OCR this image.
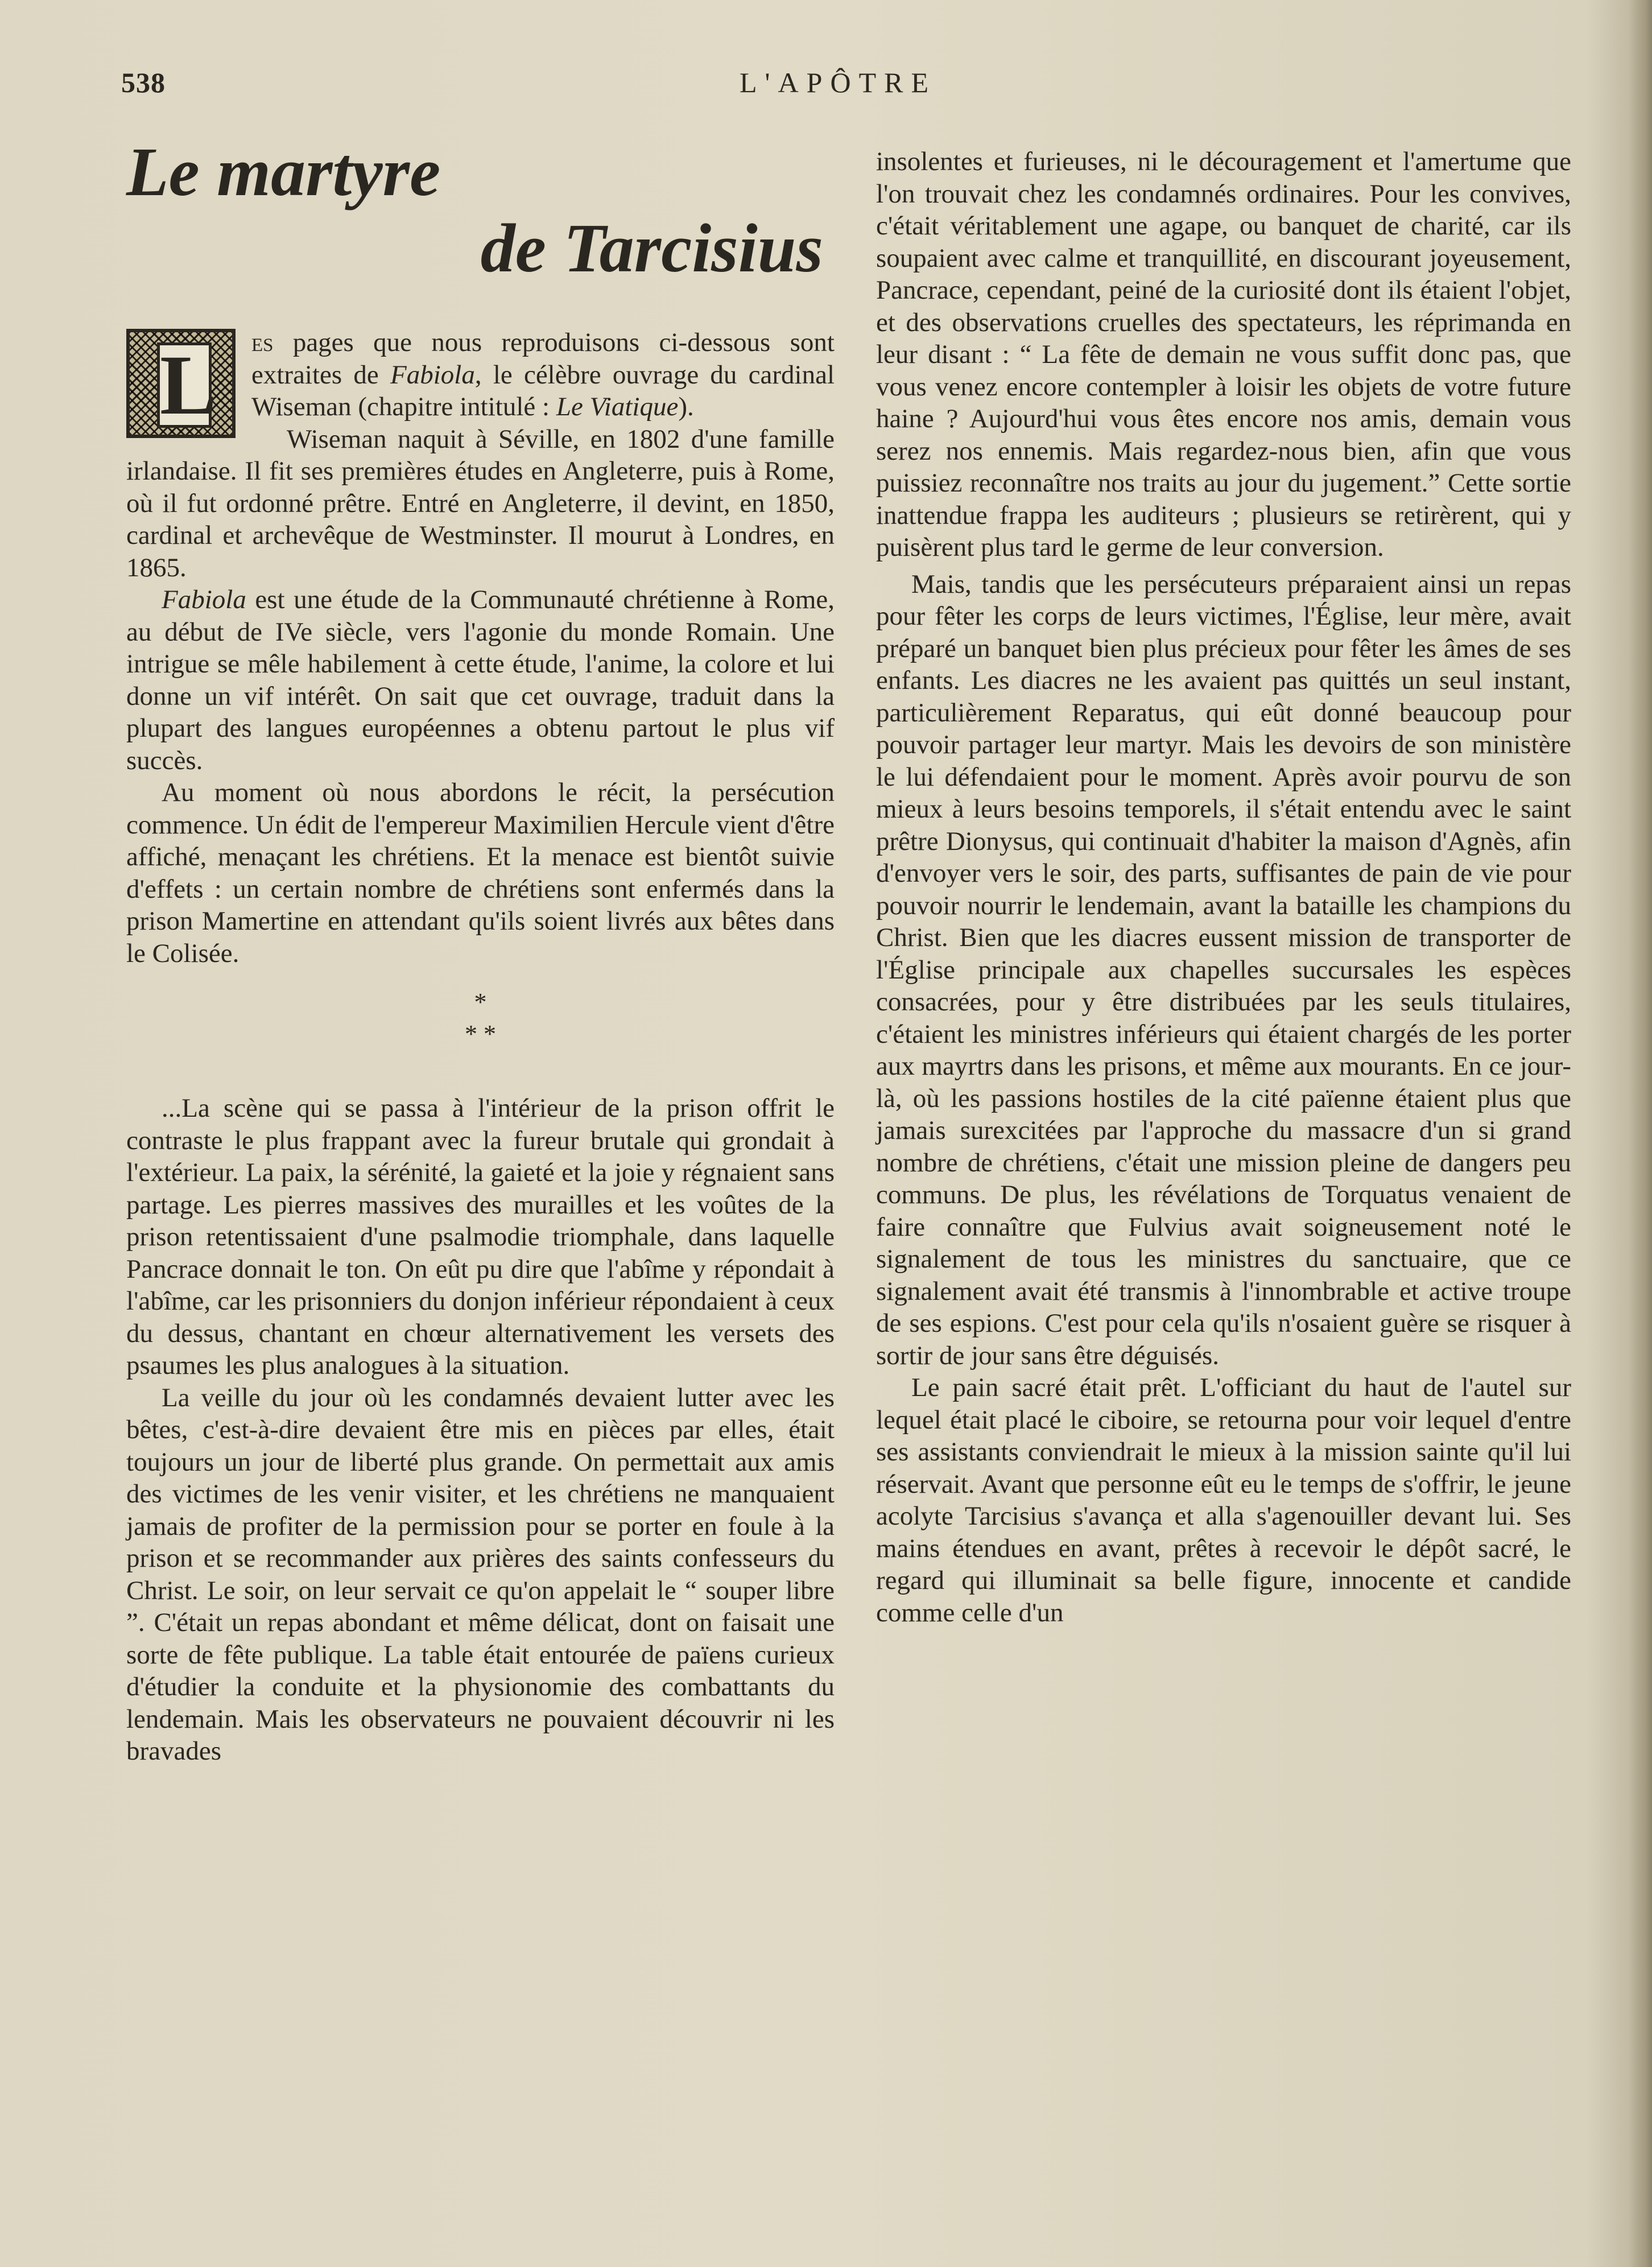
538	L'APÔTRE
Le martyre
de Tarcisius

L es pages que nous reproduisons ci-dessous sont extraites de Fabiola, le célèbre ouvrage du cardinal Wiseman (chapitre intitulé : Le Viatique).

Wiseman naquit à Séville, en 1802 d'une famille irlandaise. Il fit ses premières études en Angleterre, puis à Rome, où il fut ordonné prêtre. Entré en Angleterre, il devint, en 1850, cardinal et archevêque de Westminster. Il mourut à Londres, en 1865.

Fabiola est une étude de la Communauté chrétienne à Rome, au début de IVe siècle, vers l'agonie du monde Romain. Une intrigue se mêle habilement à cette étude, l'anime, la colore et lui donne un vif intérêt. On sait que cet ouvrage, traduit dans la plupart des langues européennes a obtenu partout le plus vif succès.

Au moment où nous abordons le récit, la persécution commence. Un édit de l'empereur Maximilien Hercule vient d'être affiché, menaçant les chrétiens. Et la menace est bientôt suivie d'effets : un certain nombre de chrétiens sont enfermés dans la prison Mamertine en attendant qu'ils soient livrés aux bêtes dans le Colisée.

*
* *

...La scène qui se passa à l'intérieur de la prison offrit le contraste le plus frappant avec la fureur brutale qui grondait à l'extérieur. La paix, la sérénité, la gaieté et la joie y régnaient sans partage. Les pierres massives des murailles et les voûtes de la prison retentissaient d'une psalmodie triomphale, dans laquelle Pancrace donnait le ton. On eût pu dire que l'abîme y répondait à l'abîme, car les prisonniers du donjon inférieur répondaient à ceux du dessus, chantant en chœur alternativement les versets des psaumes les plus analogues à la situation.

La veille du jour où les condamnés devaient lutter avec les bêtes, c'est-à-dire devaient être mis en pièces par elles, était toujours un jour de liberté plus grande. On permettait aux amis des victimes de les venir visiter, et les chrétiens ne manquaient jamais de profiter de la permission pour se porter en foule à la prison et se recommander aux prières des saints confesseurs du Christ. Le soir, on leur servait ce qu'on appelait le “ souper libre ”. C'était un repas abondant et même délicat, dont on faisait une sorte de fête publique. La table était entourée de païens curieux d'étudier la conduite et la physionomie des combattants du lendemain. Mais les observateurs ne pouvaient découvrir ni les bravades

insolentes et furieuses, ni le découragement et l'amertume que l'on trouvait chez les condamnés ordinaires. Pour les convives, c'était véritablement une agape, ou banquet de charité, car ils soupaient avec calme et tranquillité, en discourant joyeusement, Pancrace, cependant, peiné de la curiosité dont ils étaient l'objet, et des observations cruelles des spectateurs, les réprimanda en leur disant : “ La fête de demain ne vous suffit donc pas, que vous venez encore contempler à loisir les objets de votre future haine ? Aujourd'hui vous êtes encore nos amis, demain vous serez nos ennemis. Mais regardez-nous bien, afin que vous puissiez reconnaître nos traits au jour du jugement.” Cette sortie inattendue frappa les auditeurs ; plusieurs se retirèrent, qui y puisèrent plus tard le germe de leur conversion.

Mais, tandis que les persécuteurs préparaient ainsi un repas pour fêter les corps de leurs victimes, l'Église, leur mère, avait préparé un banquet bien plus précieux pour fêter les âmes de ses enfants. Les diacres ne les avaient pas quittés un seul instant, particulièrement Reparatus, qui eût donné beaucoup pour pouvoir partager leur martyr. Mais les devoirs de son ministère le lui défendaient pour le moment. Après avoir pourvu de son mieux à leurs besoins temporels, il s'était entendu avec le saint prêtre Dionysus, qui continuait d'habiter la maison d'Agnès, afin d'envoyer vers le soir, des parts, suffisantes de pain de vie pour pouvoir nourrir le lendemain, avant la bataille les champions du Christ. Bien que les diacres eussent mission de transporter de l'Église principale aux chapelles succursales les espèces consacrées, pour y être distribuées par les seuls titulaires, c'étaient les ministres inférieurs qui étaient chargés de les porter aux mayrtrs dans les prisons, et même aux mourants. En ce jour-là, où les passions hostiles de la cité païenne étaient plus que jamais surexcitées par l'approche du massacre d'un si grand nombre de chrétiens, c'était une mission pleine de dangers peu communs. De plus, les révélations de Torquatus venaient de faire connaître que Fulvius avait soigneusement noté le signalement de tous les ministres du sanctuaire, que ce signalement avait été transmis à l'innombrable et active troupe de ses espions. C'est pour cela qu'ils n'osaient guère se risquer à sortir de jour sans être déguisés.

Le pain sacré était prêt. L'officiant du haut de l'autel sur lequel était placé le ciboire, se retourna pour voir lequel d'entre ses assistants conviendrait le mieux à la mission sainte qu'il lui réservait. Avant que personne eût eu le temps de s'offrir, le jeune acolyte Tarcisius s'avança et alla s'agenouiller devant lui. Ses mains étendues en avant, prêtes à recevoir le dépôt sacré, le regard qui illuminait sa belle figure, innocente et candide comme celle d'un
